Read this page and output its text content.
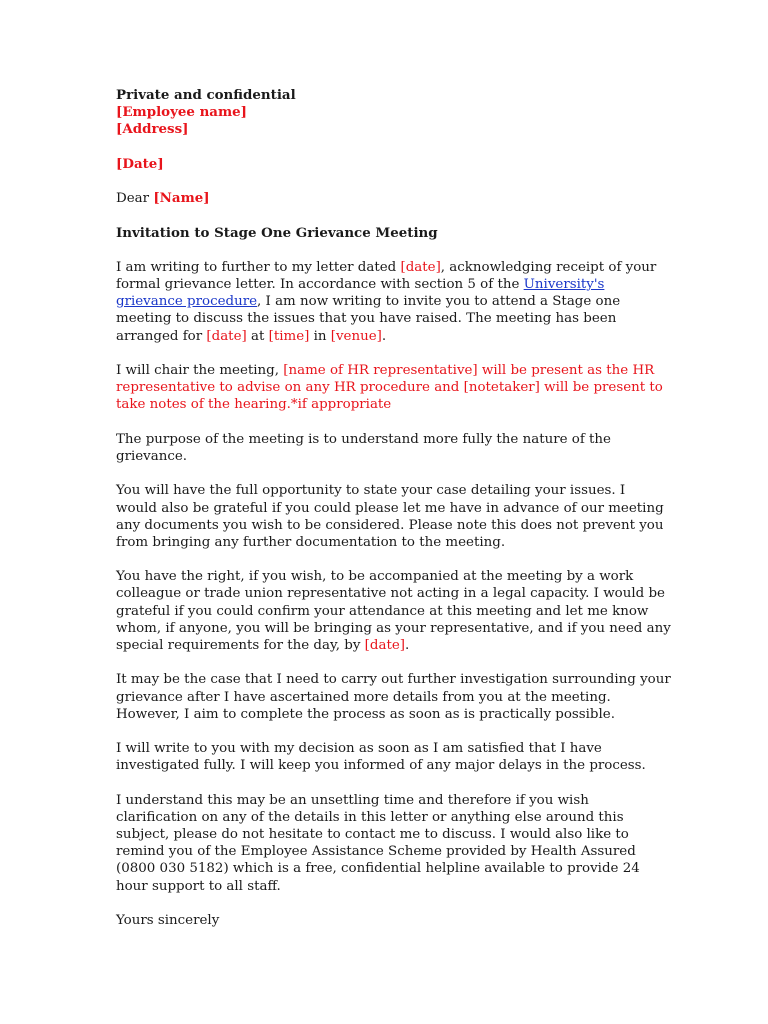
Private and confidential
[Employee name]
[Address]
[Date]
Dear [Name]
Invitation to Stage One Grievance Meeting
I am writing to further to my letter dated [date], acknowledging receipt of your
formal grievance letter. In accordance with section 5 of the University's
grievance procedure, I am now writing to invite you to attend a Stage one
meeting to discuss the issues that you have raised. The meeting has been
arranged for [date] at [time] in [venue].
I will chair the meeting, [name of HR representative] will be present as the HR
representative to advise on any HR procedure and [notetaker] will be present to
take notes of the hearing.*if appropriate
The purpose of the meeting is to understand more fully the nature of the
grievance.
You will have the full opportunity to state your case detailing your issues. I
would also be grateful if you could please let me have in advance of our meeting
any documents you wish to be considered. Please note this does not prevent you
from bringing any further documentation to the meeting.
You have the right, if you wish, to be accompanied at the meeting by a work
colleague or trade union representative not acting in a legal capacity. I would be
grateful if you could confirm your attendance at this meeting and let me know
whom, if anyone, you will be bringing as your representative, and if you need any
special requirements for the day, by [date].
It may be the case that I need to carry out further investigation surrounding your
grievance after I have ascertained more details from you at the meeting.
However, I aim to complete the process as soon as is practically possible.
I will write to you with my decision as soon as I am satisfied that I have
investigated fully. I will keep you informed of any major delays in the process.
I understand this may be an unsettling time and therefore if you wish
clarification on any of the details in this letter or anything else around this
subject, please do not hesitate to contact me to discuss. I would also like to
remind you of the Employee Assistance Scheme provided by Health Assured
(0800 030 5182) which is a free, confidential helpline available to provide 24
hour support to all staff.
Yours sincerely
